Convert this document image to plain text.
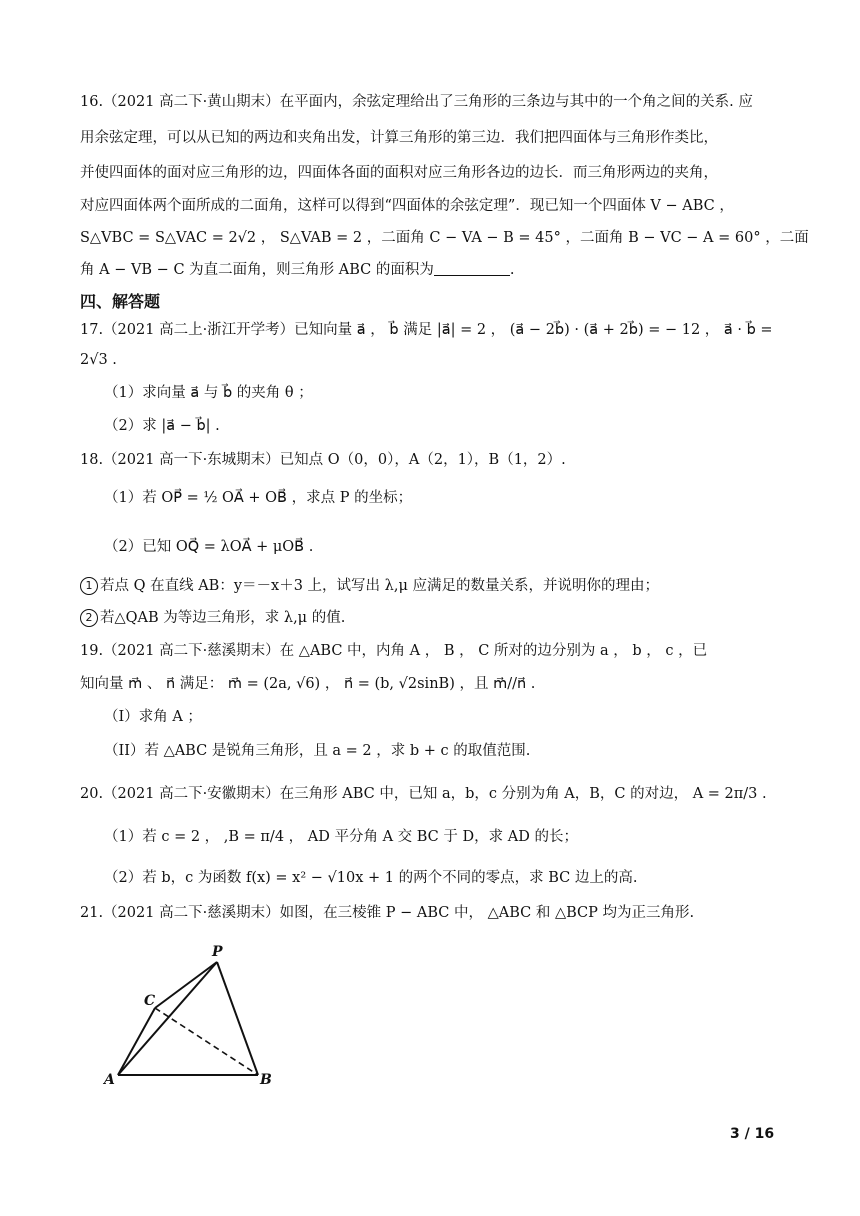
16.（2021 高二下·黄山期末）在平面内，余弦定理给出了三角形的三条边与其中的一个角之间的关系. 应
用余弦定理，可以从已知的两边和夹角出发，计算三角形的第三边．我们把四面体与三角形作类比，
并使四面体的面对应三角形的边，四面体各面的面积对应三角形各边的边长．而三角形两边的夹角，
对应四面体两个面所成的二面角，这样可以得到“四面体的余弦定理”．现已知一个四面体 V − ABC ，
S△VBC = S△VAC = 2√2 ， S△VAB = 2 ，二面角 C − VA − B = 45° ，二面角 B − VC − A = 60° ，二面
角 A − VB − C 为直二面角，则三角形 ABC 的面积为	.
四、解答题
17.（2021 高二上·浙江开学考）已知向量 a⃗ ， b⃗ 满足 |a⃗| = 2 ， (a⃗ − 2b⃗) · (a⃗ + 2b⃗) = − 12 ， a⃗ · b⃗ =
2√3 .
（1）求向量 a⃗ 与 b⃗ 的夹角 θ ；
（2）求 |a⃗ − b⃗| .
18.（2021 高一下·东城期末）已知点 O（0，0），A（2，1），B（1，2）.
（1）若 OP⃗ = ½ OA⃗ + OB⃗ ，求点 P 的坐标；
（2）已知 OQ⃗ = λOA⃗ + μOB⃗ .
1 若点 Q 在直线 AB：y＝－x＋3 上，试写出 λ,μ 应满足的数量关系，并说明你的理由；
2 若△QAB 为等边三角形，求 λ,μ 的值.
19.（2021 高二下·慈溪期末）在 △ABC 中，内角 A ， B ， C 所对的边分别为 a ， b ， c ，已
知向量 m⃗ 、 n⃗ 满足： m⃗ = (2a, √6) ， n⃗ = (b, √2sinB) ，且 m⃗//n⃗ .
（I）求角 A ；
（II）若 △ABC 是锐角三角形，且 a = 2 ，求 b + c 的取值范围.
20.（2021 高二下·安徽期末）在三角形 ABC 中，已知 a，b，c 分别为角 A，B，C 的对边， A = 2π/3 .
（1）若 c = 2 ， ,B = π/4 ， AD 平分角 A 交 BC 于 D，求 AD 的长；
（2）若 b，c 为函数 f(x) = x² − √10x + 1 的两个不同的零点，求 BC 边上的高.
21.（2021 高二下·慈溪期末）如图，在三棱锥 P − ABC 中， △ABC 和 △BCP 均为正三角形.
P
C
A	B
3 / 16
